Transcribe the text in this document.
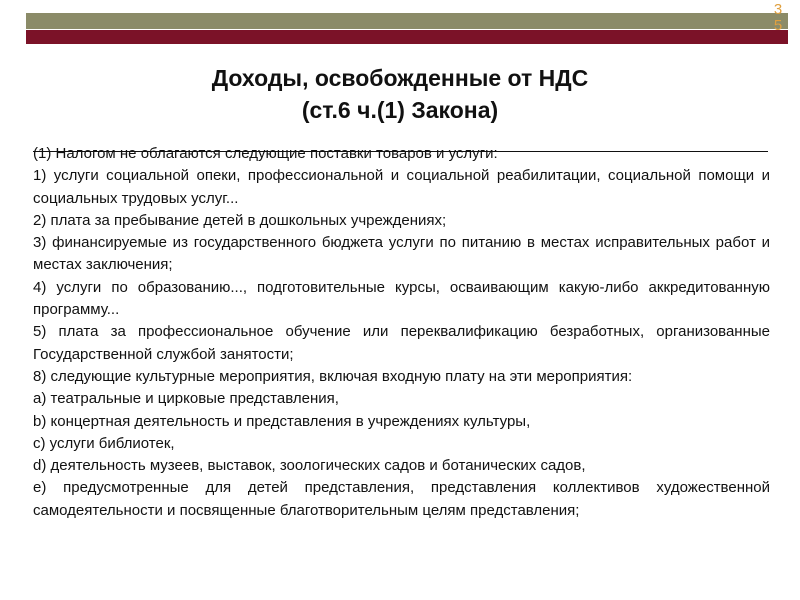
3
5
Доходы, освобожденные от НДС
(ст.6 ч.(1) Закона)

(1) Налогом не облагаются следующие поставки товаров и услуги:

1) услуги социальной опеки, профессиональной и социальной реабилитации, социальной помощи и социальных трудовых услуг...

2) плата за пребывание детей в дошкольных учреждениях;

3) финансируемые из государственного бюджета услуги по питанию в местах исправительных работ и местах заключения;

4) услуги по образованию..., подготовительные курсы, осваивающим какую-либо аккредитованную программу...

5) плата за профессиональное обучение или переквалификацию безработных, организованные Государственной службой занятости;

8) следующие культурные мероприятия, включая входную плату на эти мероприятия:

a) театральные и цирковые представления,

b) концертная деятельность и представления в учреждениях культуры,

c) услуги библиотек,

d) деятельность музеев, выставок, зоологических садов и ботанических садов,

e) предусмотренные для детей представления, представления коллективов художественной самодеятельности и посвященные благотворительным целям представления;
